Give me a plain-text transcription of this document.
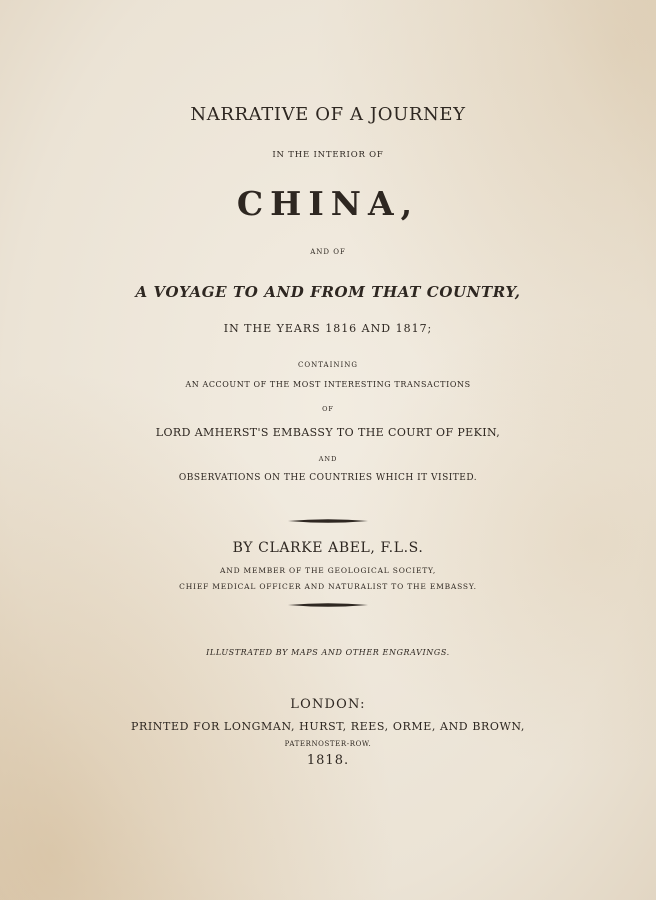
NARRATIVE OF A JOURNEY
IN THE INTERIOR OF
CHINA,
AND OF
A VOYAGE TO AND FROM THAT COUNTRY,
IN THE YEARS 1816 AND 1817;
CONTAINING
AN ACCOUNT OF THE MOST INTERESTING TRANSACTIONS
OF
LORD AMHERST'S EMBASSY TO THE COURT OF PEKIN,
AND
OBSERVATIONS ON THE COUNTRIES WHICH IT VISITED.
BY CLARKE ABEL, F.L.S.
AND MEMBER OF THE GEOLOGICAL SOCIETY,
CHIEF MEDICAL OFFICER AND NATURALIST TO THE EMBASSY.
ILLUSTRATED BY MAPS AND OTHER ENGRAVINGS.
LONDON:
PRINTED FOR LONGMAN, HURST, REES, ORME, AND BROWN,
PATERNOSTER-ROW.
1818.
